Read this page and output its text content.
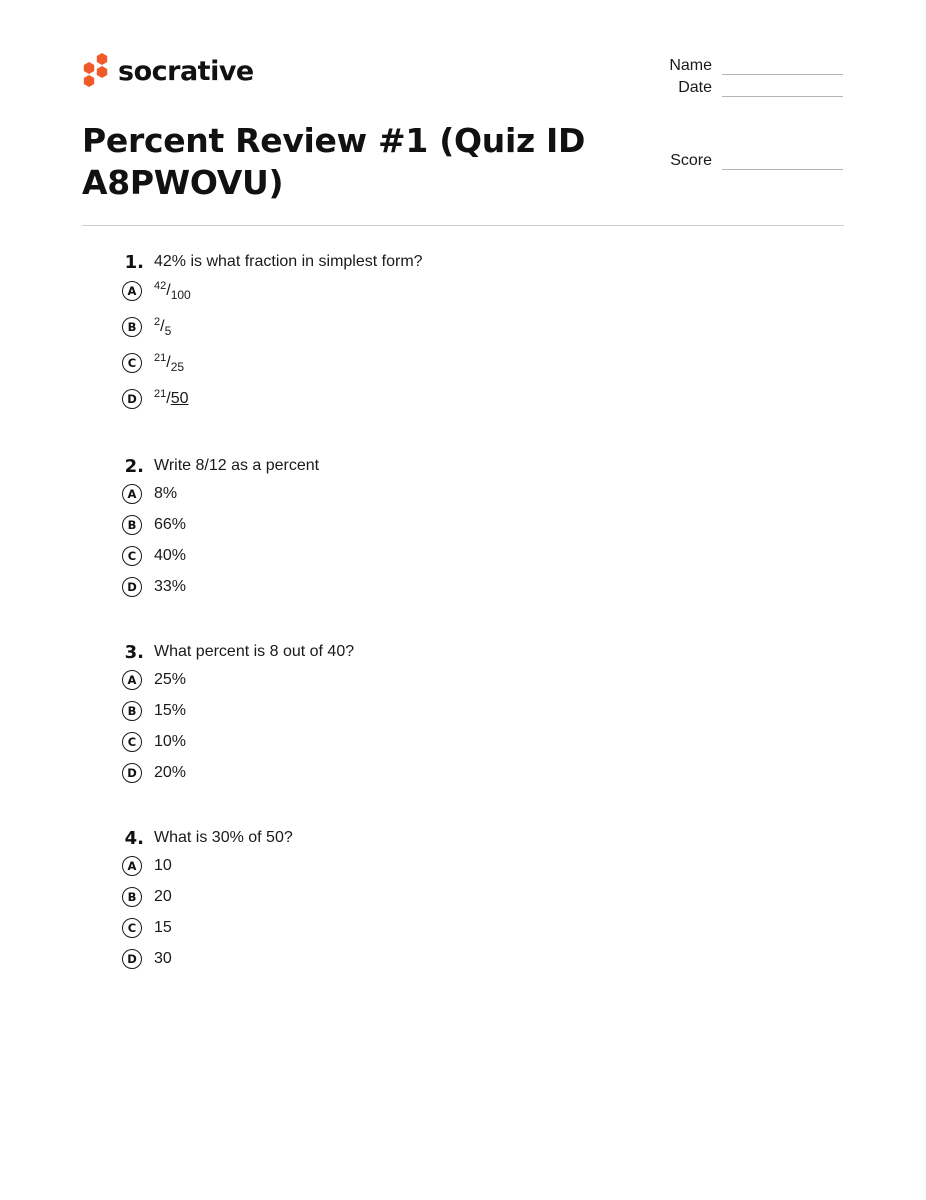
socrative
Percent Review #1 (Quiz ID A8PWOVU)
Name
Date
Score
1. 42% is what fraction in simplest form?
A	$^{42}/_{100}$
B	$^2/_5$
C	$^{21}/_{25}$
D	$^{21}$/50
2. Write 8/12 as a percent
A	8%
B	66%
C	40%
D	33%
3. What percent is 8 out of 40?
A	25%
B	15%
C	10%
D	20%
4. What is 30% of 50?
A	10
B	20
C	15
D	30
